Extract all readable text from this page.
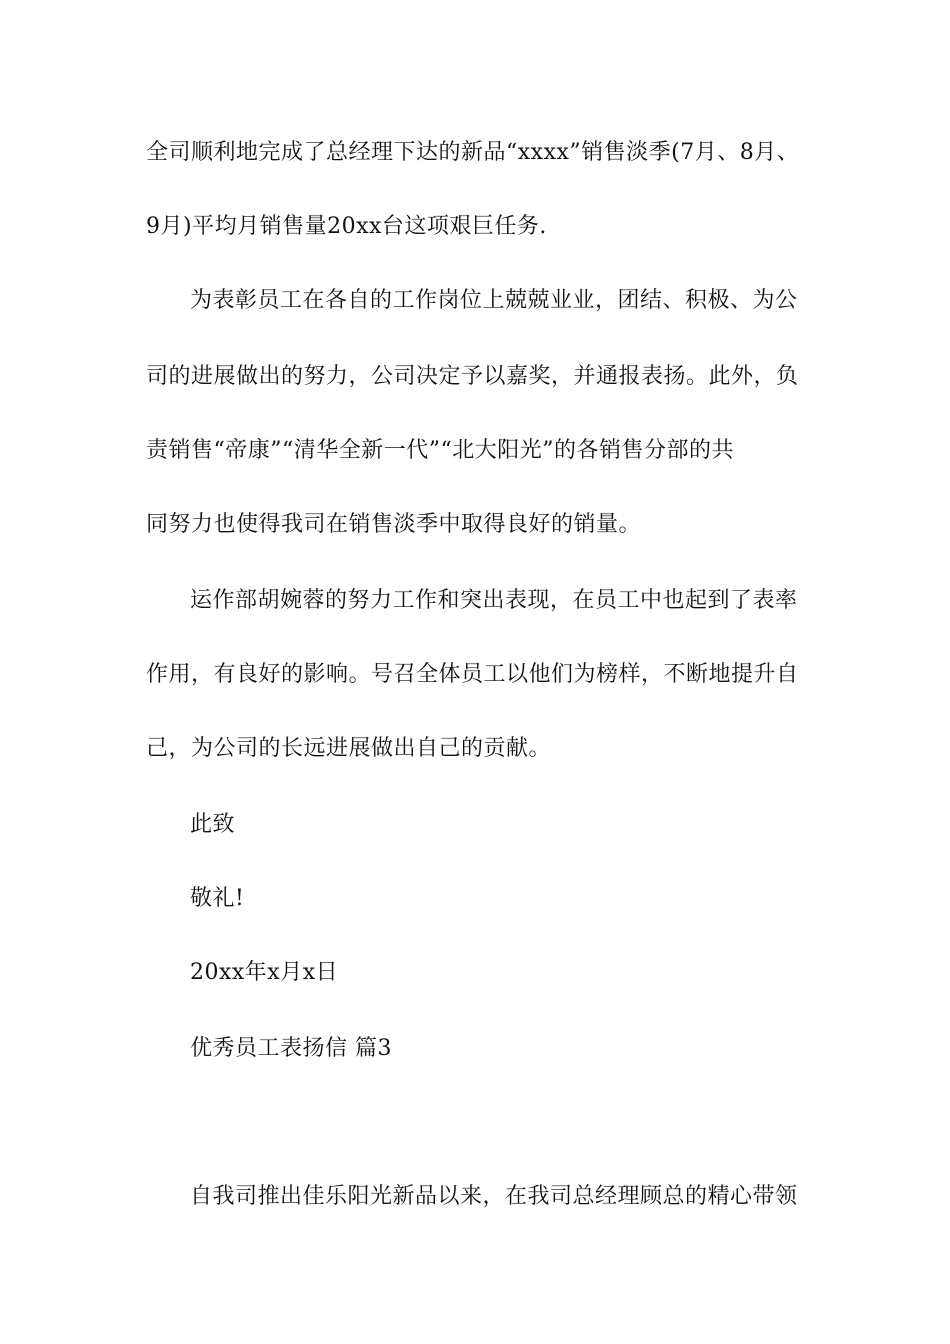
全司顺利地完成了总经理下达的新品“xxxx”销售淡季(7月、8月、
9月)平均月销售量20xx台这项艰巨任务.
为表彰员工在各自的工作岗位上兢兢业业，团结、积极、为公
司的进展做出的努力，公司决定予以嘉奖，并通报表扬。此外，负
责销售“帝康”“清华全新一代”“北大阳光”的各销售分部的共
同努力也使得我司在销售淡季中取得良好的销量。
运作部胡婉蓉的努力工作和突出表现，在员工中也起到了表率
作用，有良好的影响。号召全体员工以他们为榜样，不断地提升自
己，为公司的长远进展做出自己的贡献。
此致
敬礼!
20xx年x月x日
优秀员工表扬信 篇3
自我司推出佳乐阳光新品以来，在我司总经理顾总的精心带领
